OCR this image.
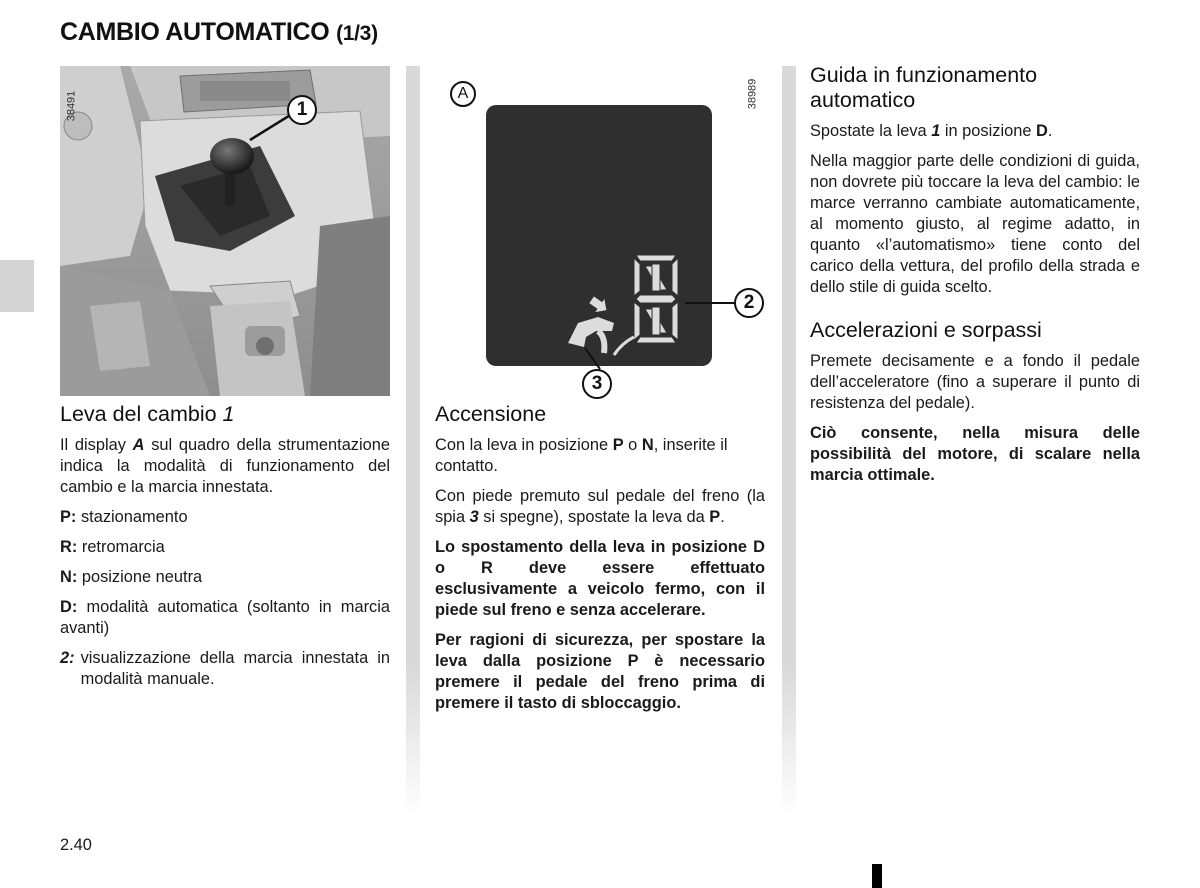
CAMBIO AUTOMATICO (1/3)
38491	1
A	38989
2
3
Leva del cambio 1

Il display A sul quadro della strumentazione indica la modalità di funzionamento del cambio e la marcia innestata.

P: stazionamento

R: retromarcia

N: posizione neutra

D: modalità automatica (soltanto in marcia avanti)

2: visualizzazione della marcia innestata in modalità manuale.
Accensione

Con la leva in posizione P o N, inserite il contatto.

Con piede premuto sul pedale del freno (la spia 3 si spegne), spostate la leva da P.

Lo spostamento della leva in posizione D o R deve essere effettuato esclusivamente a veicolo fermo, con il piede sul freno e senza accelerare.

Per ragioni di sicurezza, per spostare la leva dalla posizione P è necessario premere il pedale del freno prima di premere il tasto di sbloccaggio.

Guida in funzionamento automatico

Spostate la leva 1 in posizione D.

Nella maggior parte delle condizioni di guida, non dovrete più toccare la leva del cambio: le marce verranno cambiate automaticamente, al momento giusto, al regime adatto, in quanto «l’automatismo» tiene conto del carico della vettura, del profilo della strada e dello stile di guida scelto.

Accelerazioni e sorpassi

Premete decisamente e a fondo il pedale dell’acceleratore (fino a superare il punto di resistenza del pedale).

Ciò consente, nella misura delle possibilità del motore, di scalare nella marcia ottimale.

2.40
